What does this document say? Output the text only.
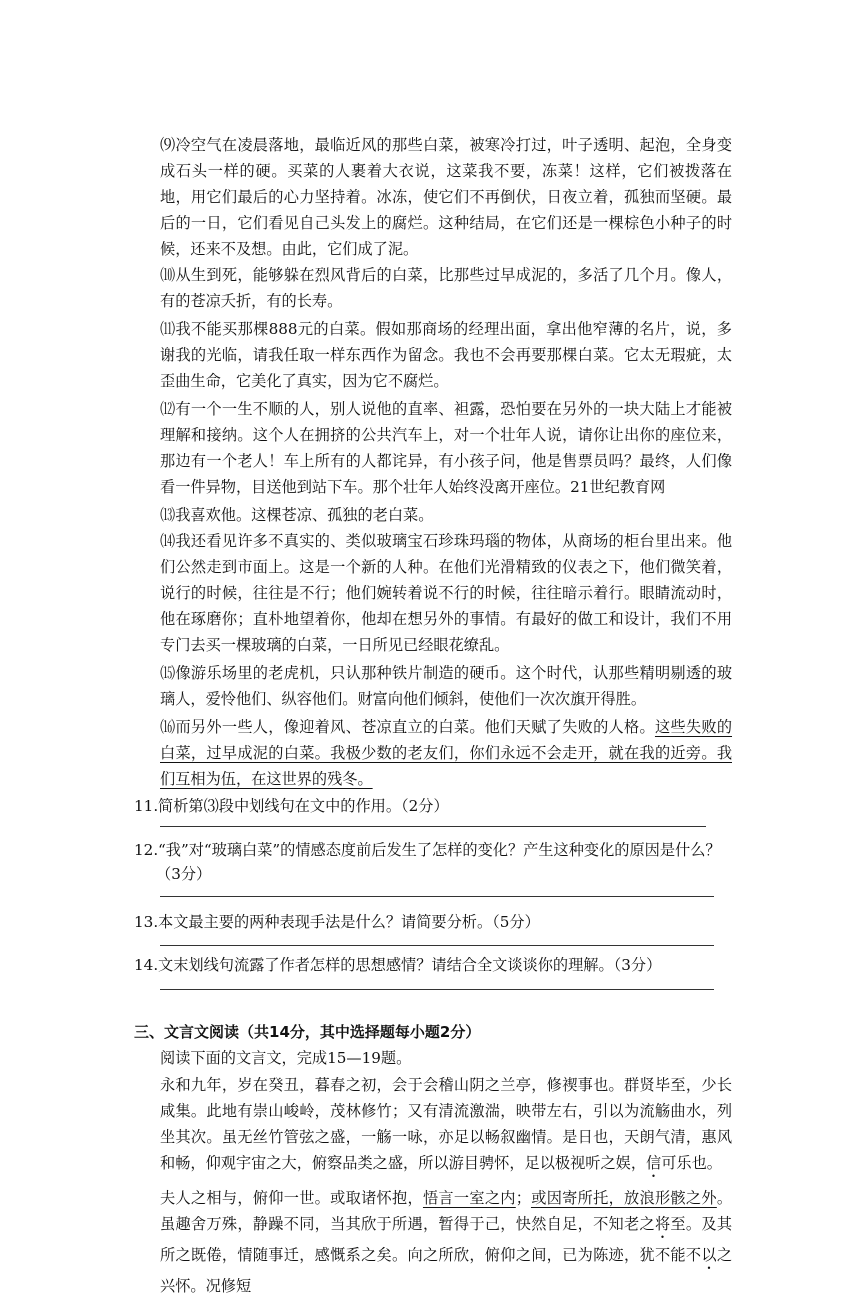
⑼冷空气在凌晨落地，最临近风的那些白菜，被寒冷打过，叶子透明、起泡，全身变成石头一样的硬。买菜的人裹着大衣说，这菜我不要，冻菜！这样，它们被拨落在地，用它们最后的心力坚持着。冰冻，使它们不再倒伏，日夜立着，孤独而坚硬。最后的一日，它们看见自己头发上的腐烂。这种结局，在它们还是一棵棕色小种子的时候，还来不及想。由此，它们成了泥。

⑽从生到死，能够躲在烈风背后的白菜，比那些过早成泥的，多活了几个月。像人，有的苍凉夭折，有的长寿。

⑾我不能买那棵888元的白菜。假如那商场的经理出面，拿出他窄薄的名片，说，多谢我的光临，请我任取一样东西作为留念。我也不会再要那棵白菜。它太无瑕疵，太歪曲生命，它美化了真实，因为它不腐烂。

⑿有一个一生不顺的人，别人说他的直率、袒露，恐怕要在另外的一块大陆上才能被理解和接纳。这个人在拥挤的公共汽车上，对一个壮年人说，请你让出你的座位来，那边有一个老人！车上所有的人都诧异，有小孩子问，他是售票员吗？最终，人们像看一件异物，目送他到站下车。那个壮年人始终没离开座位。21世纪教育网

⒀我喜欢他。这棵苍凉、孤独的老白菜。

⒁我还看见许多不真实的、类似玻璃宝石珍珠玛瑙的物体，从商场的柜台里出来。他们公然走到市面上。这是一个新的人种。在他们光滑精致的仪表之下，他们微笑着，说行的时候，往往是不行；他们婉转着说不行的时候，往往暗示着行。眼睛流动时，他在琢磨你；直朴地望着你，他却在想另外的事情。有最好的做工和设计，我们不用专门去买一棵玻璃的白菜，一日所见已经眼花缭乱。

⒂像游乐场里的老虎机，只认那种铁片制造的硬币。这个时代，认那些精明剔透的玻璃人，爱怜他们、纵容他们。财富向他们倾斜，使他们一次次旗开得胜。

⒃而另外一些人，像迎着风、苍凉直立的白菜。他们天赋了失败的人格。这些失败的白菜，过早成泥的白菜。我极少数的老友们，你们永远不会走开，就在我的近旁。我们互相为伍，在这世界的残冬。

11.简析第⑶段中划线句在文中的作用。（2分）
12.“我”对“玻璃白菜”的情感态度前后发生了怎样的变化？产生这种变化的原因是什么？
（3分）
13.本文最主要的两种表现手法是什么？请简要分析。（5分）
14.文末划线句流露了作者怎样的思想感情？请结合全文谈谈你的理解。（3分）
三、文言文阅读（共14分，其中选择题每小题2分）
阅读下面的文言文，完成15—19题。

永和九年，岁在癸丑，暮春之初，会于会稽山阴之兰亭，修禊事也。群贤毕至，少长咸集。此地有崇山峻岭，茂林修竹；又有清流激湍，映带左右，引以为流觞曲水，列坐其次。虽无丝竹管弦之盛，一觞一咏，亦足以畅叙幽情。是日也，天朗气清，惠风和畅，仰观宇宙之大，俯察品类之盛，所以游目骋怀，足以极视听之娱，信可乐也。

夫人之相与，俯仰一世。或取诸怀抱，悟言一室之内；或因寄所托，放浪形骸之外。虽趣舍万殊，静躁不同，当其欣于所遇，暂得于己，快然自足，不知老之将至。及其所之既倦，情随事迁，感慨系之矣。向之所欣，俯仰之间，已为陈迹，犹不能不以之兴怀。况修短
